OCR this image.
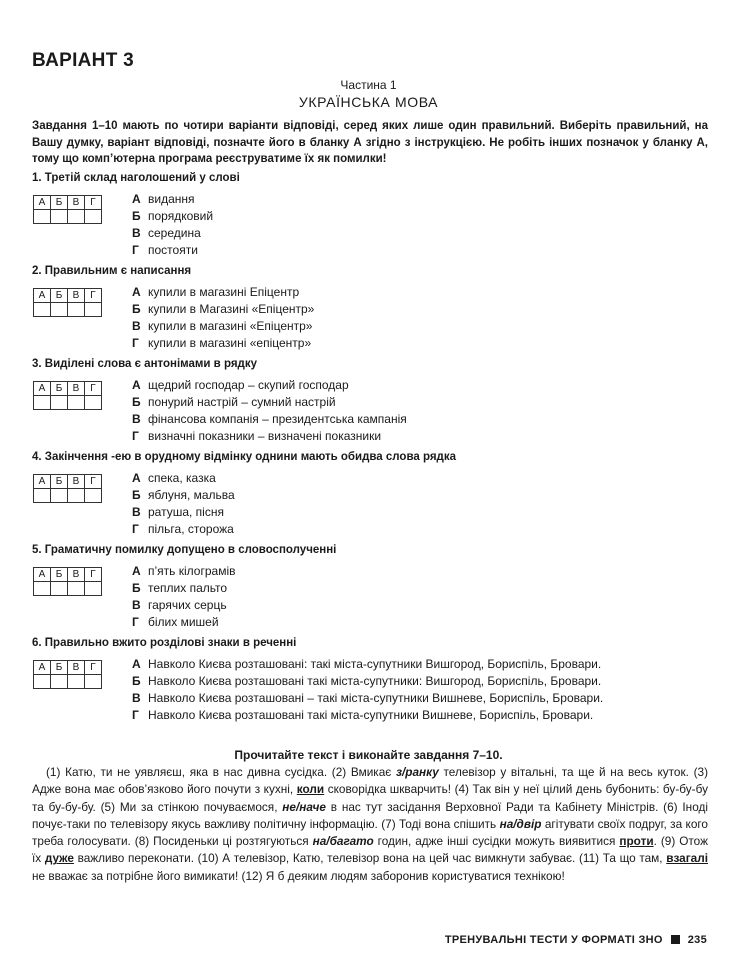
ВАРІАНТ 3
Частина 1
УКРАЇНСЬКА МОВА
Завдання 1–10 мають по чотири варіанти відповіді, серед яких лише один правильний. Виберіть правильний, на Вашу думку, варіант відповіді, позначте його в бланку А згідно з інструкцією. Не робіть інших позначок у бланку А, тому що комп’ютерна програма реєструватиме їх як помилки!
1. Третій склад наголошений у слові
А	Б	В	Г
				А видання
Б порядковий
В середина
Г постояти
2. Правильним є написання
А	Б	В	Г
				А купили в магазині Епіцентр
Б купили в Магазині «Епіцентр»
В купили в магазині «Епіцентр»
Г купили в магазині «епіцентр»
3. Виділені слова є антонімами в рядку
А	Б	В	Г
				А щедрий господар – скупий господар
Б понурий настрій – сумний настрій
В фінансова компанія – президентська кампанія
Г визначні показники – визначені показники
4. Закінчення -ею в орудному відмінку однини мають обидва слова рядка
А	Б	В	Г
				А спека, казка
Б яблуня, мальва
В ратуша, пісня
Г пільга, сторожа
5. Граматичну помилку допущено в словосполученні
А	Б	В	Г
				А п’ять кілограмів
Б теплих пальто
В гарячих серць
Г білих мишей
6. Правильно вжито розділові знаки в реченні
А	Б	В	Г
				А Навколо Києва розташовані: такі міста-супутники Вишгород, Бориспіль, Бровари.
Б Навколо Києва розташовані такі міста-супутники: Вишгород, Бориспіль, Бровари.
В Навколо Києва розташовані – такі міста-супутники Вишневе, Бориспіль, Бровари.
Г Навколо Києва розташовані такі міста-супутники Вишневе, Бориспіль, Бровари.
Прочитайте текст і виконайте завдання 7–10.
(1) Катю, ти не уявляєш, яка в нас дивна сусідка. (2) Вмикає з/ранку телевізор у вітальні, та ще й на весь куток. (3) Адже вона має обов’язково його почути з кухні, коли сковорідка шкварчить! (4) Так він у неї цілий день бубонить: бу-бу-бу та бу-бу-бу. (5) Ми за стінкою почуваємося, не/наче в нас тут засідання Верховної Ради та Кабінету Міністрів. (6) Іноді почує-таки по телевізору якусь важливу політичну інформацію. (7) Тоді вона спішить на/двір агітувати своїх подруг, за кого треба голосувати. (8) Посиденьки ці розтягуються на/багато годин, адже інші сусідки можуть виявитися проти. (9) Отож їх дуже важливо переконати. (10) А телевізор, Катю, телевізор вона на цей час вимкнути забуває. (11) Та що там, взагалі не вважає за потрібне його вимикати! (12) Я б деяким людям заборонив користуватися технікою!
ТРЕНУВАЛЬНІ ТЕСТИ У ФОРМАТІ ЗНО 235
